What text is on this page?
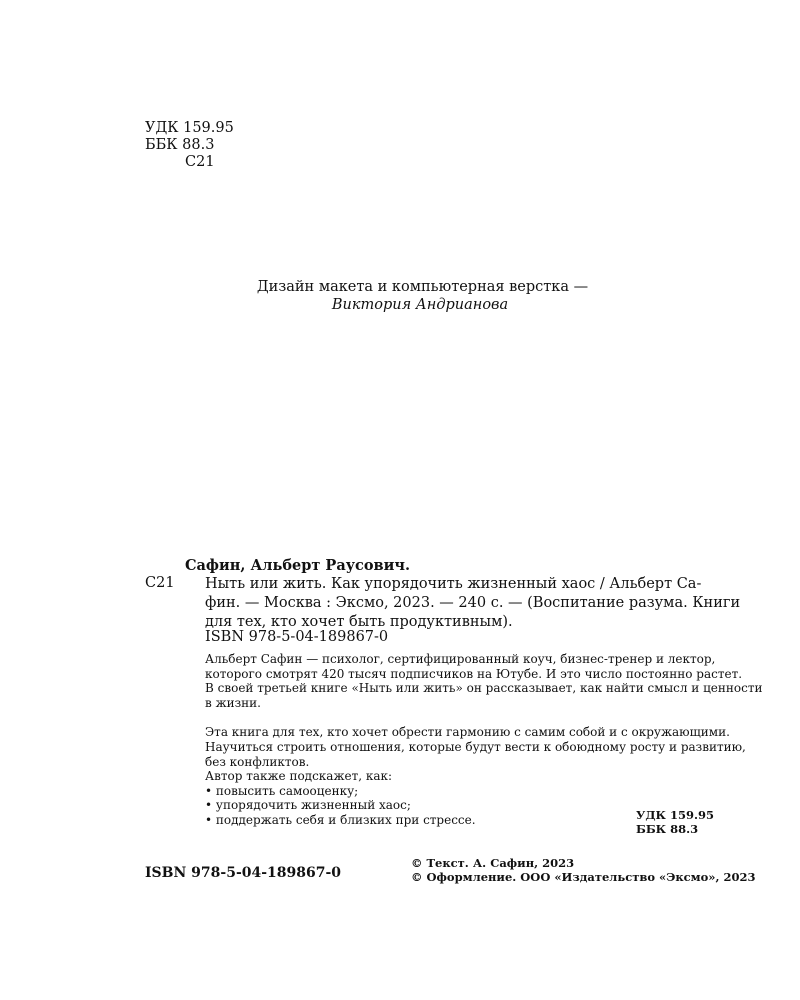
УДК 159.95
ББК 88.3
С21
Дизайн макета и компьютерная верстка —
Виктория Андрианова
Сафин, Альберт Раусович.
С21 Ныть или жить. Как упорядочить жизненный хаос / Альберт Са-
фин. — Москва : Эксмо, 2023. — 240 с. — (Воспитание разума. Книги
для тех, кто хочет быть продуктивным).
ISBN 978-5-04-189867-0
Альберт Сафин — психолог, сертифицированный коуч, бизнес-тренер и лектор,
которого смотрят 420 тысяч подписчиков на Ютубе. И это число постоянно растет.
В своей третьей книге «Ныть или жить» он рассказывает, как найти смысл и ценности
в жизни.
Эта книга для тех, кто хочет обрести гармонию с самим собой и с окружающими.
Научиться строить отношения, которые будут вести к обоюдному росту и развитию,
без конфликтов.
Автор также подскажет, как:
• повысить самооценку;
• упорядочить жизненный хаос;
• поддержать себя и близких при стрессе.	УДК 159.95
ББК 88.3
ISBN 978-5-04-189867-0
© Текст. А. Сафин, 2023
© Оформление. ООО «Издательство «Эксмо», 2023
